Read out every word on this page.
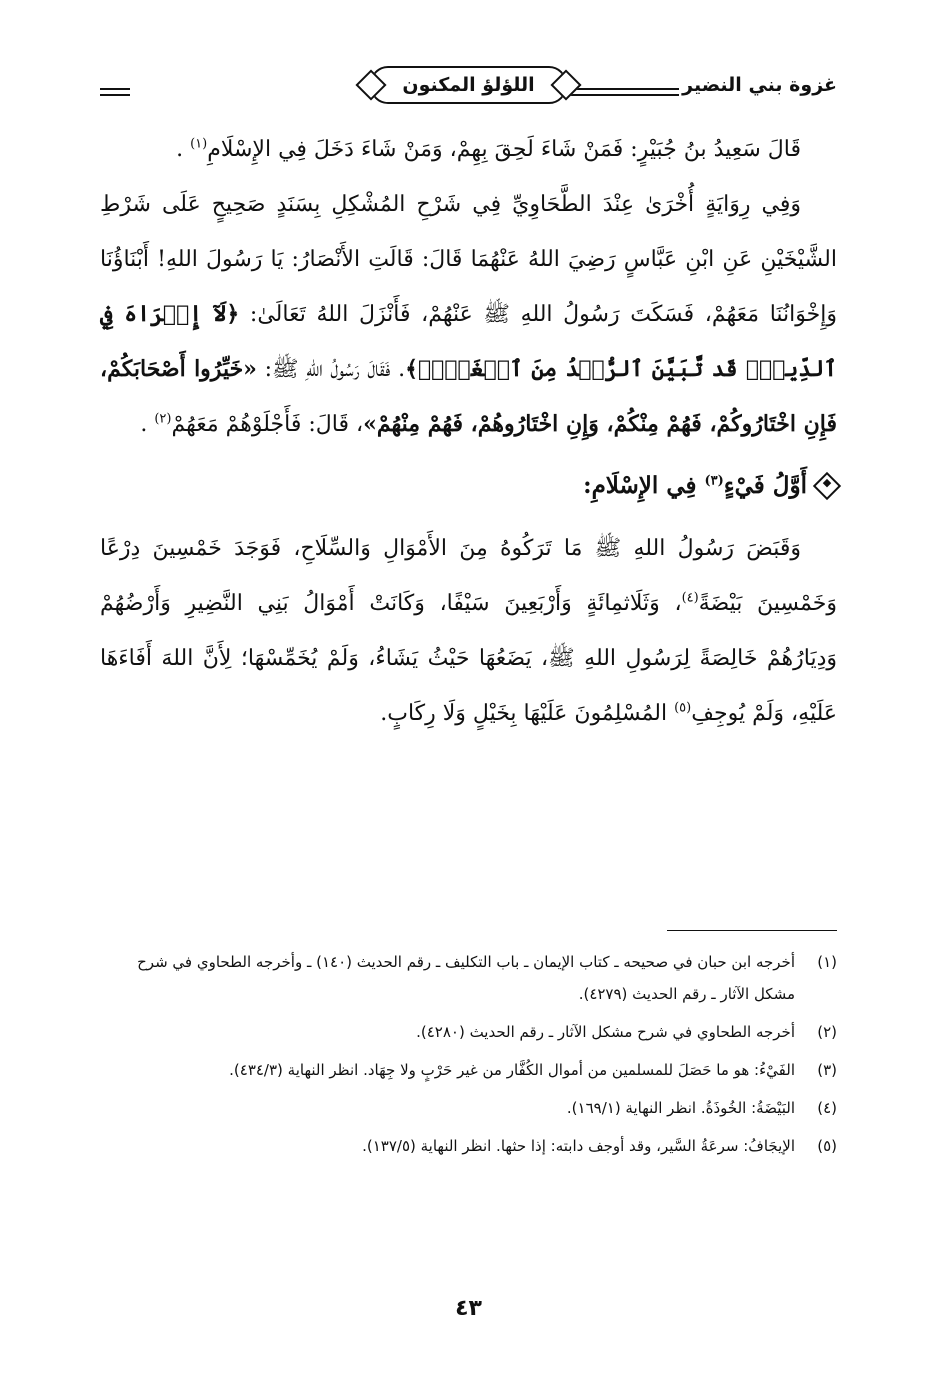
غزوة بني النضير
اللؤلؤ المكنون

قَالَ سَعِيدُ بنُ جُبَيْرٍ: فَمَنْ شَاءَ لَحِقَ بِهِمْ، وَمَنْ شَاءَ دَخَلَ فِي الإِسْلَامِ$^{(١)}$ .

وَفِي رِوَايَةٍ أُخْرَىٰ عِنْدَ الطَّحَاوِيِّ فِي شَرْحِ المُشْكِلِ بِسَنَدٍ صَحِيحٍ عَلَى شَرْطِ الشَّيْخَيْنِ عَنِ ابْنِ عَبَّاسٍ رَضِيَ اللهُ عَنْهُمَا قَالَ: قَالَتِ الأَنْصَارُ: يَا رَسُولَ اللهِ! أَبْنَاؤُنَا وَإِخْوَانُنَا مَعَهُمْ، فَسَكَتَ رَسُولُ اللهِ ﷺ عَنْهُمْ، فَأَنْزَلَ اللهُ تَعَالَىٰ: ﴿لَآ إِكۡرَاهَ فِي ٱلدِّينِۖ قَد تَّبَيَّنَ ٱلرُّشۡدُ مِنَ ٱلۡغَيِّۚ﴾. فَقَالَ رَسُولُ اللهِ ﷺ: «خَيِّرُوا أَصْحَابَكُمْ، فَإِنِ اخْتَارُوكُمْ، فَهُمْ مِنْكُمْ، وَإِنِ اخْتَارُوهُمْ، فَهُمْ مِنْهُمْ»، قَالَ: فَأَجْلَوْهُمْ مَعَهُمْ$^{(٢)}$ .

أَوَّلُ فَيْءٍ$^{(٣)}$ فِي الإِسْلَامِ:

وَقَبَضَ رَسُولُ اللهِ ﷺ مَا تَرَكُوهُ مِنَ الأَمْوَالِ وَالسِّلَاحِ، فَوَجَدَ خَمْسِينَ دِرْعًا وَخَمْسِينَ بَيْضَةً$^{(٤)}$، وَثَلَاثمِائَةٍ وَأَرْبَعِينَ سَيْفًا، وَكَانَتْ أَمْوَالُ بَنِي النَّضِيرِ وَأَرْضُهُمْ وَدِيَارُهُمْ خَالِصَةً لِرَسُولِ اللهِ ﷺ، يَضَعُهَا حَيْثُ يَشَاءُ، وَلَمْ يُخَمِّسْهَا؛ لِأَنَّ اللهَ أَفَاءَهَا عَلَيْهِ، وَلَمْ يُوجِفِ$^{(٥)}$ المُسْلِمُونَ عَلَيْهَا بِخَيْلٍ وَلَا رِكَابٍ.

(١)
أخرجه ابن حبان في صحيحه ـ كتاب الإيمان ـ باب التكليف ـ رقم الحديث (١٤٠) ـ وأخرجه الطحاوي في شرح مشكل الآثار ـ رقم الحديث (٤٢٧٩).
(٢)
أخرجه الطحاوي في شرح مشكل الآثار ـ رقم الحديث (٤٢٨٠).
(٣)
الفَيْءُ: هو ما حَصَلَ للمسلمين من أموال الكُفَّار من غير حَرْبٍ ولا جِهَاد. انظر النهاية (٤٣٤/٣).
(٤)
البَيْضَةُ: الخُوذَةُ. انظر النهاية (١٦٩/١).
(٥)
الإيجَافُ: سرعَةُ السَّير، وقد أوجف دابته: إذا حثها. انظر النهاية (١٣٧/٥).
٤٣
